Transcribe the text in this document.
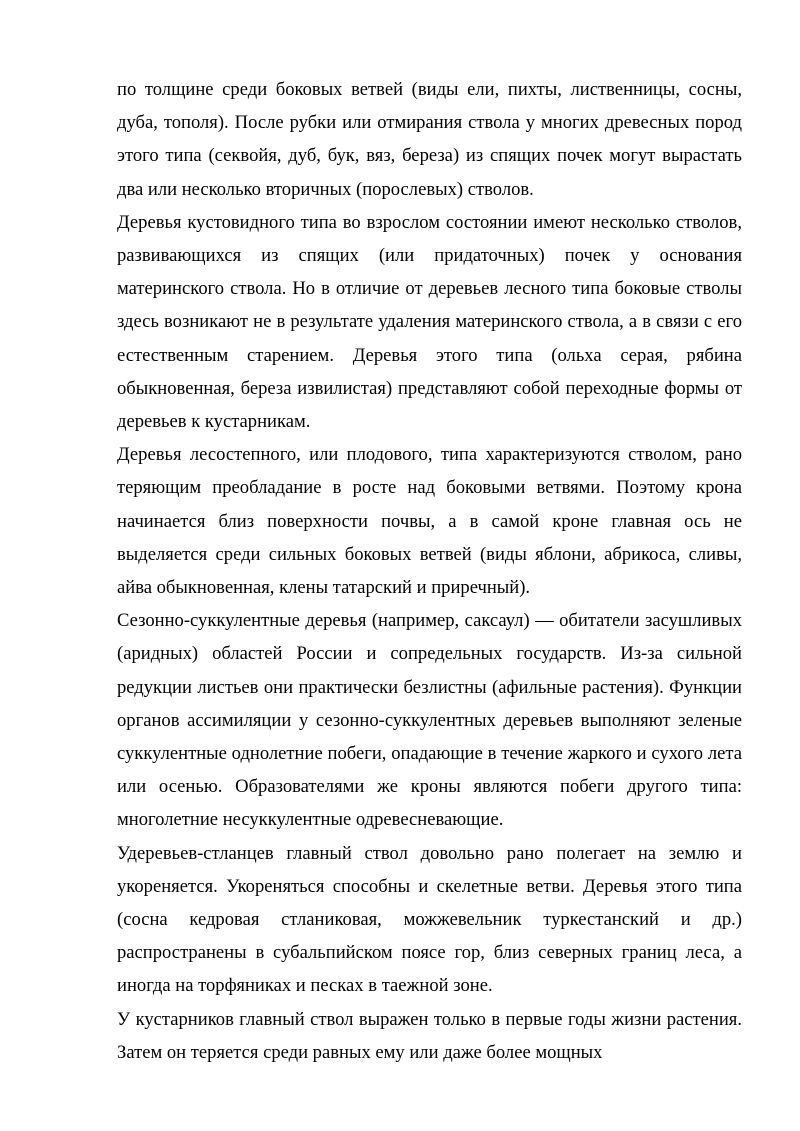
по толщине среди боковых ветвей (виды ели, пихты, лиственницы, сосны, дуба, тополя). После рубки или отмирания ствола у многих древесных пород этого типа (секвойя, дуб, бук, вяз, береза) из спящих почек могут вырастать два или несколько вторичных (порослевых) стволов.

Деревья кустовидного типа во взрослом состоянии имеют несколько стволов, развивающихся из спящих (или придаточных) почек у основания материнского ствола. Но в отличие от деревьев лесного типа боковые стволы здесь возникают не в результате удаления материнского ствола, а в связи с его естественным старением. Деревья этого типа (ольха серая, рябина обыкновенная, береза извилистая) представляют собой переходные формы от деревьев к кустарникам.

Деревья лесостепного, или плодового, типа характеризуются стволом, рано теряющим преобладание в росте над боковыми ветвями. Поэтому крона начинается близ поверхности почвы, а в самой кроне главная ось не выделяется среди сильных боковых ветвей (виды яблони, абрикоса, сливы, айва обыкновенная, клены татарский и приречный).

Сезонно-суккулентные деревья (например, саксаул) — обитатели засушливых (аридных) областей России и сопредельных государств. Из-за сильной редукции листьев они практически безлистны (афильные растения). Функции органов ассимиляции у сезонно-суккулентных деревьев выполняют зеленые суккулентные однолетние побеги, опадающие в течение жаркого и сухого лета или осенью. Образователями же кроны являются побеги другого типа: многолетние несуккулентные одревесневающие.

Удеревьев-стланцев главный ствол довольно рано полегает на землю и укореняется. Укореняться способны и скелетные ветви. Деревья этого типа (сосна кедровая стланиковая, можжевельник туркестанский и др.) распространены в субальпийском поясе гор, близ северных границ леса, а иногда на торфяниках и песках в таежной зоне.

У кустарников главный ствол выражен только в первые годы жизни растения. Затем он теряется среди равных ему или даже более мощных
